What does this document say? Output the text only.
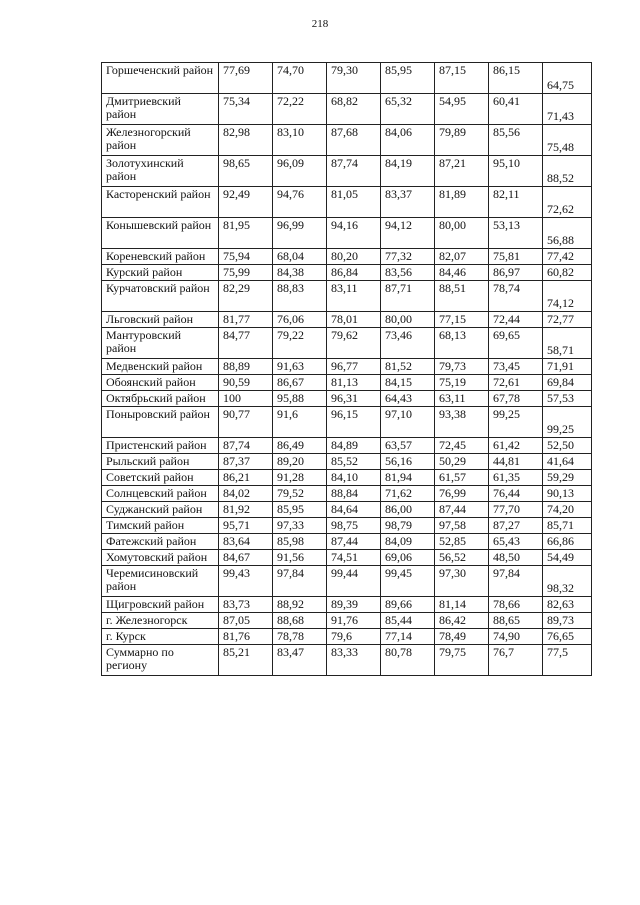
218
Горшеченский район	77,69	74,70	79,30	85,95	87,15	86,15	64,75
Дмитриевский район	75,34	72,22	68,82	65,32	54,95	60,41	71,43
Железногорский район	82,98	83,10	87,68	84,06	79,89	85,56	75,48
Золотухинский район	98,65	96,09	87,74	84,19	87,21	95,10	88,52
Касторенский район	92,49	94,76	81,05	83,37	81,89	82,11	72,62
Конышевский район	81,95	96,99	94,16	94,12	80,00	53,13	56,88
Кореневский район	75,94	68,04	80,20	77,32	82,07	75,81	77,42
Курский район	75,99	84,38	86,84	83,56	84,46	86,97	60,82
Курчатовский район	82,29	88,83	83,11	87,71	88,51	78,74	74,12
Льговский район	81,77	76,06	78,01	80,00	77,15	72,44	72,77
Мантуровский район	84,77	79,22	79,62	73,46	68,13	69,65	58,71
Медвенский район	88,89	91,63	96,77	81,52	79,73	73,45	71,91
Обоянский район	90,59	86,67	81,13	84,15	75,19	72,61	69,84
Октябрьский район	100	95,88	96,31	64,43	63,11	67,78	57,53
Поныровский район	90,77	91,6	96,15	97,10	93,38	99,25	99,25
Пристенский район	87,74	86,49	84,89	63,57	72,45	61,42	52,50
Рыльский район	87,37	89,20	85,52	56,16	50,29	44,81	41,64
Советский район	86,21	91,28	84,10	81,94	61,57	61,35	59,29
Солнцевский район	84,02	79,52	88,84	71,62	76,99	76,44	90,13
Суджанский район	81,92	85,95	84,64	86,00	87,44	77,70	74,20
Тимский район	95,71	97,33	98,75	98,79	97,58	87,27	85,71
Фатежский район	83,64	85,98	87,44	84,09	52,85	65,43	66,86
Хомутовский район	84,67	91,56	74,51	69,06	56,52	48,50	54,49
Черемисиновский район	99,43	97,84	99,44	99,45	97,30	97,84	98,32
Щигровский район	83,73	88,92	89,39	89,66	81,14	78,66	82,63
г. Железногорск	87,05	88,68	91,76	85,44	86,42	88,65	89,73
г. Курск	81,76	78,78	79,6	77,14	78,49	74,90	76,65
Суммарно по региону	85,21	83,47	83,33	80,78	79,75	76,7	77,5
